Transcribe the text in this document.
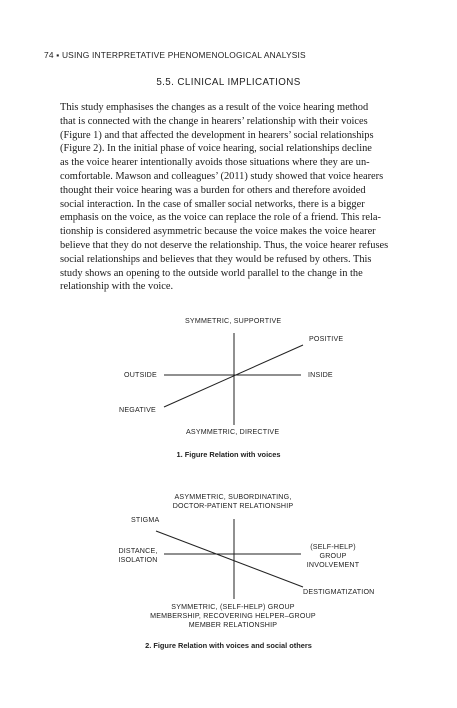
74 ▪ USING INTERPRETATIVE PHENOMENOLOGICAL ANALYSIS
5.5. CLINICAL IMPLICATIONS
This study emphasises the changes as a result of the voice hearing method
that is connected with the change in hearers’ relationship with their voices
(Figure 1) and that affected the development in hearers’ social relationships
(Figure 2). In the initial phase of voice hearing, social relationships decline
as the voice hearer intentionally avoids those situations where they are un-
comfortable. Mawson and colleagues’ (2011) study showed that voice hearers
thought their voice hearing was a burden for others and therefore avoided
social interaction. In the case of smaller social networks, there is a bigger
emphasis on the voice, as the voice can replace the role of a friend. This rela-
tionship is considered asymmetric because the voice makes the voice hearer
believe that they do not deserve the relationship. Thus, the voice hearer refuses
social relationships and believes that they would be refused by others. This
study shows an opening to the outside world parallel to the change in the
relationship with the voice.
SYMMETRIC, SUPPORTIVE
POSITIVE
OUTSIDE	INSIDE
NEGATIVE
ASYMMETRIC, DIRECTIVE
1. Figure Relation with voices
ASYMMETRIC, SUBORDINATING,
DOCTOR-PATIENT RELATIONSHIP
STIGMA
DISTANCE,
ISOLATION
(SELF-HELP)
GROUP
INVOLVEMENT
DESTIGMATIZATION
SYMMETRIC, (SELF-HELP) GROUP
MEMBERSHIP, RECOVERING HELPER–GROUP
MEMBER RELATIONSHIP
2. Figure Relation with voices and social others
